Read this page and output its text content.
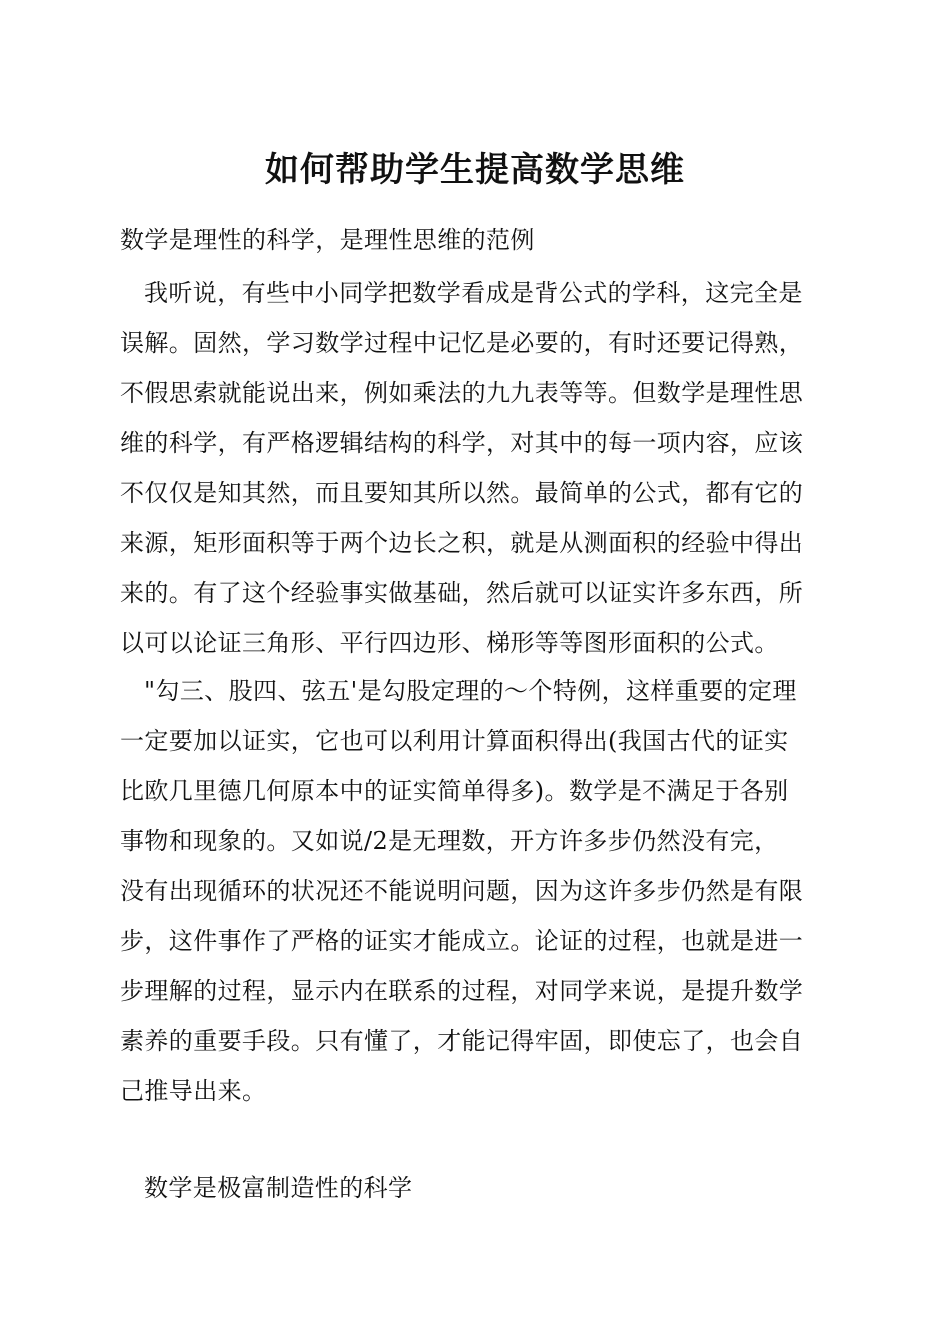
如何帮助学生提高数学思维
数学是理性的科学，是理性思维的范例
我听说，有些中小同学把数学看成是背公式的学科，这完全是
误解。固然，学习数学过程中记忆是必要的，有时还要记得熟，
不假思索就能说出来，例如乘法的九九表等等。但数学是理性思
维的科学，有严格逻辑结构的科学，对其中的每一项内容，应该
不仅仅是知其然，而且要知其所以然。最简单的公式，都有它的
来源，矩形面积等于两个边长之积，就是从测面积的经验中得出
来的。有了这个经验事实做基础，然后就可以证实许多东西，所
以可以论证三角形、平行四边形、梯形等等图形面积的公式。
"勾三、股四、弦五'是勾股定理的～个特例，这样重要的定理
一定要加以证实，它也可以利用计算面积得出(我国古代的证实
比欧几里德几何原本中的证实简单得多)。数学是不满足于各别
事物和现象的。又如说/2是无理数，开方许多步仍然没有完，
没有出现循环的状况还不能说明问题，因为这许多步仍然是有限
步，这件事作了严格的证实才能成立。论证的过程，也就是进一
步理解的过程，显示内在联系的过程，对同学来说，是提升数学
素养的重要手段。只有懂了，才能记得牢固，即使忘了，也会自
己推导出来。
数学是极富制造性的科学
